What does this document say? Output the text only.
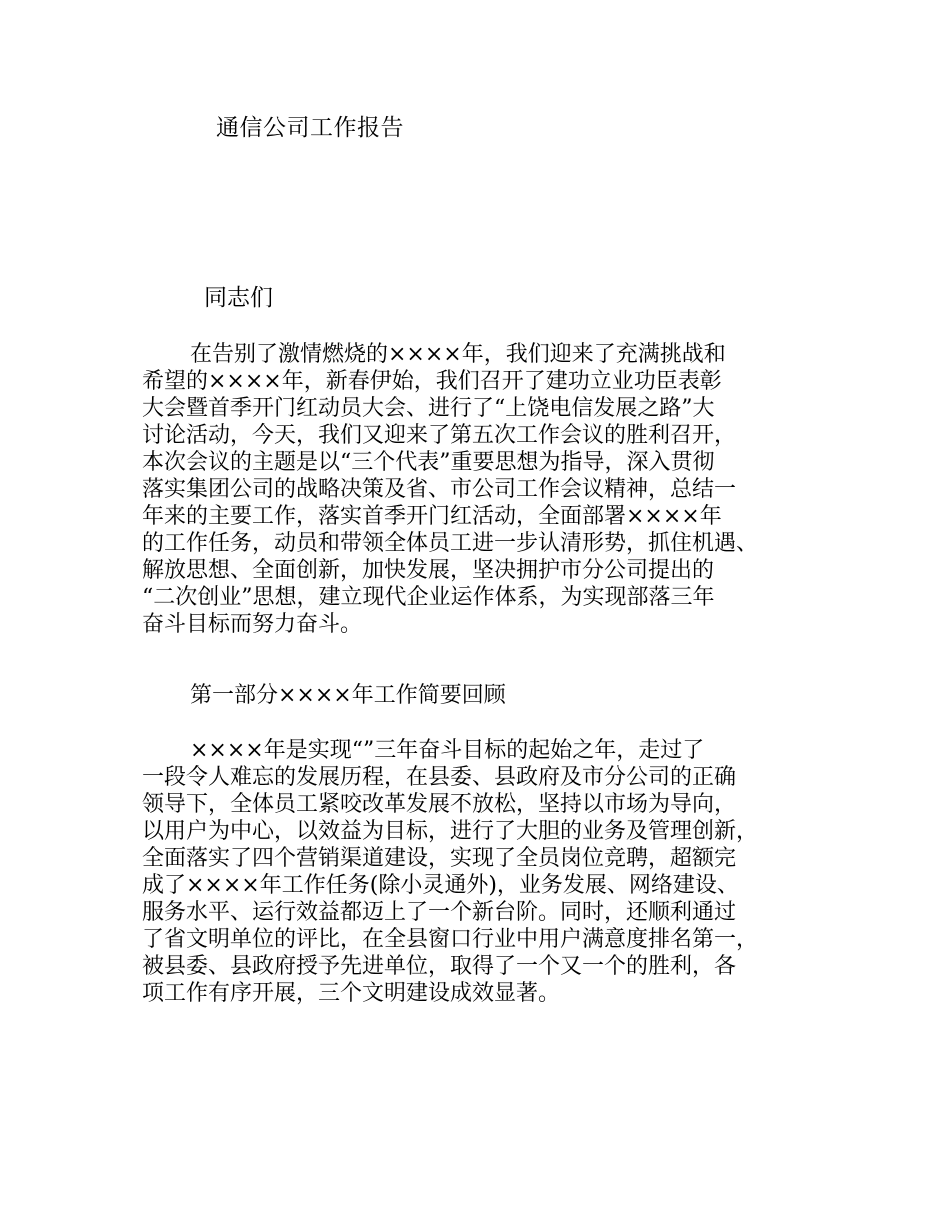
通信公司工作报告
同志们
在告别了激情燃烧的××××年，我们迎来了充满挑战和
希望的××××年，新春伊始，我们召开了建功立业功臣表彰
大会暨首季开门红动员大会、进行了“上饶电信发展之路”大
讨论活动，今天，我们又迎来了第五次工作会议的胜利召开，
本次会议的主题是以“三个代表”重要思想为指导，深入贯彻
落实集团公司的战略决策及省、市公司工作会议精神，总结一
年来的主要工作，落实首季开门红活动，全面部署××××年
的工作任务，动员和带领全体员工进一步认清形势，抓住机遇、
解放思想、全面创新，加快发展，坚决拥护市分公司提出的
“二次创业”思想，建立现代企业运作体系，为实现部落三年
奋斗目标而努力奋斗。
第一部分××××年工作简要回顾
××××年是实现“”三年奋斗目标的起始之年，走过了
一段令人难忘的发展历程，在县委、县政府及市分公司的正确
领导下，全体员工紧咬改革发展不放松，坚持以市场为导向，
以用户为中心，以效益为目标，进行了大胆的业务及管理创新，
全面落实了四个营销渠道建设，实现了全员岗位竞聘，超额完
成了××××年工作任务(除小灵通外)，业务发展、网络建设、
服务水平、运行效益都迈上了一个新台阶。同时，还顺利通过
了省文明单位的评比，在全县窗口行业中用户满意度排名第一，
被县委、县政府授予先进单位，取得了一个又一个的胜利，各
项工作有序开展，三个文明建设成效显著。
